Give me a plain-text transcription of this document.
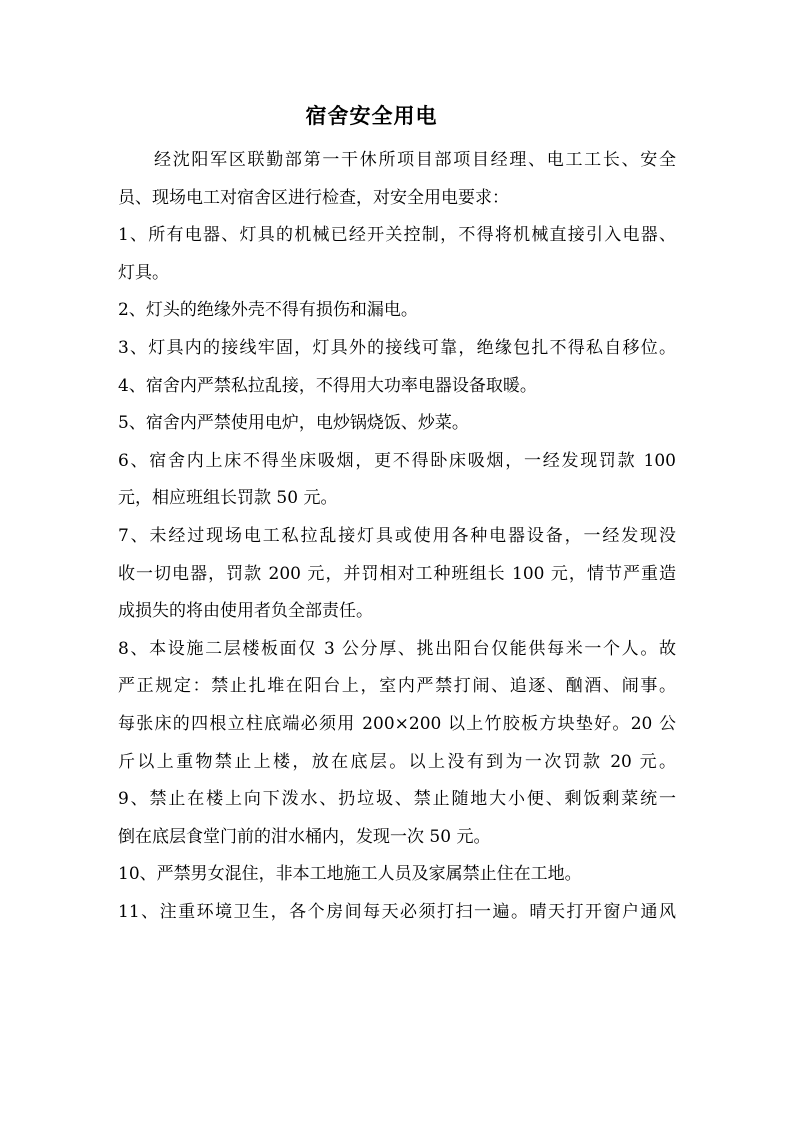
宿舍安全用电
经沈阳军区联勤部第一干休所项目部项目经理、电工工长、安全
员、现场电工对宿舍区进行检查，对安全用电要求：
1、所有电器、灯具的机械已经开关控制，不得将机械直接引入电器、
灯具。
2、灯头的绝缘外壳不得有损伤和漏电。
3、灯具内的接线牢固，灯具外的接线可靠，绝缘包扎不得私自移位。
4、宿舍内严禁私拉乱接，不得用大功率电器设备取暖。
5、宿舍内严禁使用电炉，电炒锅烧饭、炒菜。
6、宿舍内上床不得坐床吸烟，更不得卧床吸烟，一经发现罚款 100
元，相应班组长罚款 50 元。
7、未经过现场电工私拉乱接灯具或使用各种电器设备，一经发现没
收一切电器，罚款 200 元，并罚相对工种班组长 100 元，情节严重造
成损失的将由使用者负全部责任。
8、本设施二层楼板面仅 3 公分厚、挑出阳台仅能供每米一个人。故
严正规定：禁止扎堆在阳台上，室内严禁打闹、追逐、酗酒、闹事。
每张床的四根立柱底端必须用 200×200 以上竹胶板方块垫好。20 公
斤以上重物禁止上楼，放在底层。以上没有到为一次罚款 20 元。
9、禁止在楼上向下泼水、扔垃圾、禁止随地大小便、剩饭剩菜统一
倒在底层食堂门前的泔水桶内，发现一次 50 元。
10、严禁男女混住，非本工地施工人员及家属禁止住在工地。
11、注重环境卫生，各个房间每天必须打扫一遍。晴天打开窗户通风
